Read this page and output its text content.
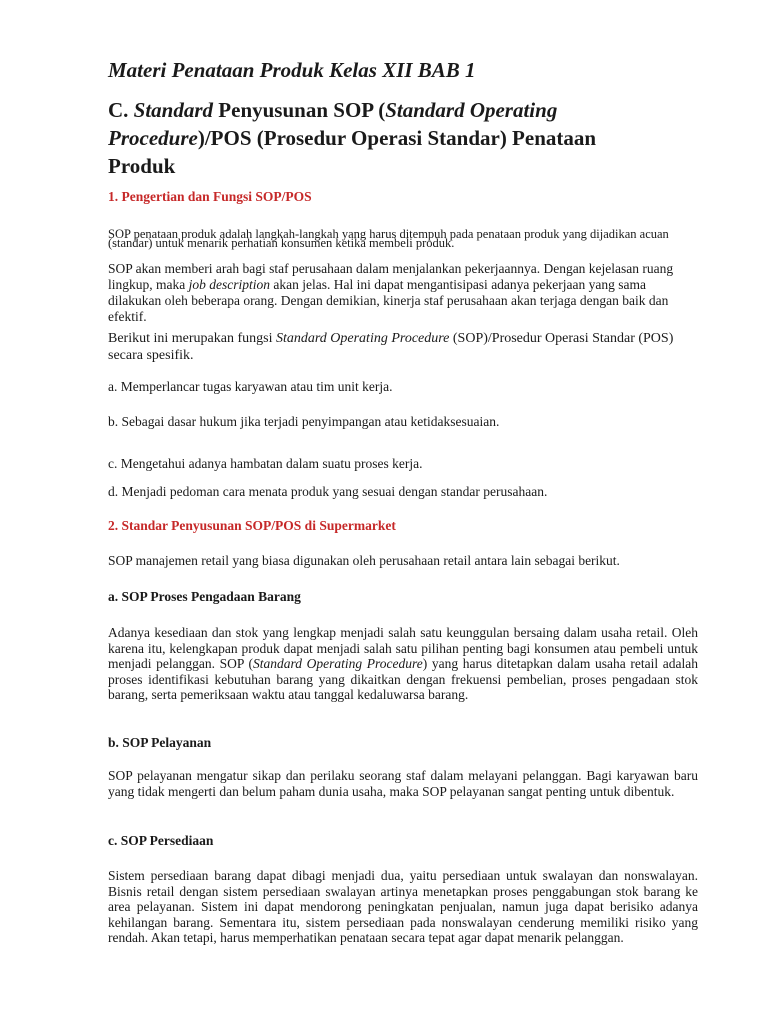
Materi Penataan Produk Kelas XII BAB 1
C. Standard Penyusunan SOP (Standard Operating Procedure)/POS (Prosedur Operasi Standar) Penataan Produk
1. Pengertian dan Fungsi SOP/POS

SOP penataan produk adalah langkah-langkah yang harus ditempuh pada penataan produk yang dijadikan acuan (standar) untuk menarik perhatian konsumen ketika membeli produk.

SOP akan memberi arah bagi staf perusahaan dalam menjalankan pekerjaannya. Dengan kejelasan ruang lingkup, maka job description akan jelas. Hal ini dapat mengantisipasi adanya pekerjaan yang sama dilakukan oleh beberapa orang. Dengan demikian, kinerja staf perusahaan akan terjaga dengan baik dan efektif.

Berikut ini merupakan fungsi Standard Operating Procedure (SOP)/Prosedur Operasi Standar (POS) secara spesifik.

a. Memperlancar tugas karyawan atau tim unit kerja.
b. Sebagai dasar hukum jika terjadi penyimpangan atau ketidaksesuaian.
c. Mengetahui adanya hambatan dalam suatu proses kerja.
d. Menjadi pedoman cara menata produk yang sesuai dengan standar perusahaan.
2. Standar Penyusunan SOP/POS di Supermarket

SOP manajemen retail yang biasa digunakan oleh perusahaan retail antara lain sebagai berikut.

a. SOP Proses Pengadaan Barang

Adanya kesediaan dan stok yang lengkap menjadi salah satu keunggulan bersaing dalam usaha retail. Oleh karena itu, kelengkapan produk dapat menjadi salah satu pilihan penting bagi konsumen atau pembeli untuk menjadi pelanggan. SOP (Standard Operating Procedure) yang harus ditetapkan dalam usaha retail adalah proses identifikasi kebutuhan barang yang dikaitkan dengan frekuensi pembelian, proses pengadaan stok barang, serta pemeriksaan waktu atau tanggal kedaluwarsa barang.

b. SOP Pelayanan

SOP pelayanan mengatur sikap dan perilaku seorang staf dalam melayani pelanggan. Bagi karyawan baru yang tidak mengerti dan belum paham dunia usaha, maka SOP pelayanan sangat penting untuk dibentuk.

c. SOP Persediaan

Sistem persediaan barang dapat dibagi menjadi dua, yaitu persediaan untuk swalayan dan nonswalayan. Bisnis retail dengan sistem persediaan swalayan artinya menetapkan proses penggabungan stok barang ke area pelayanan. Sistem ini dapat mendorong peningkatan penjualan, namun juga dapat berisiko adanya kehilangan barang. Sementara itu, sistem persediaan pada nonswalayan cenderung memiliki risiko yang rendah. Akan tetapi, harus memperhatikan penataan secara tepat agar dapat menarik pelanggan.
